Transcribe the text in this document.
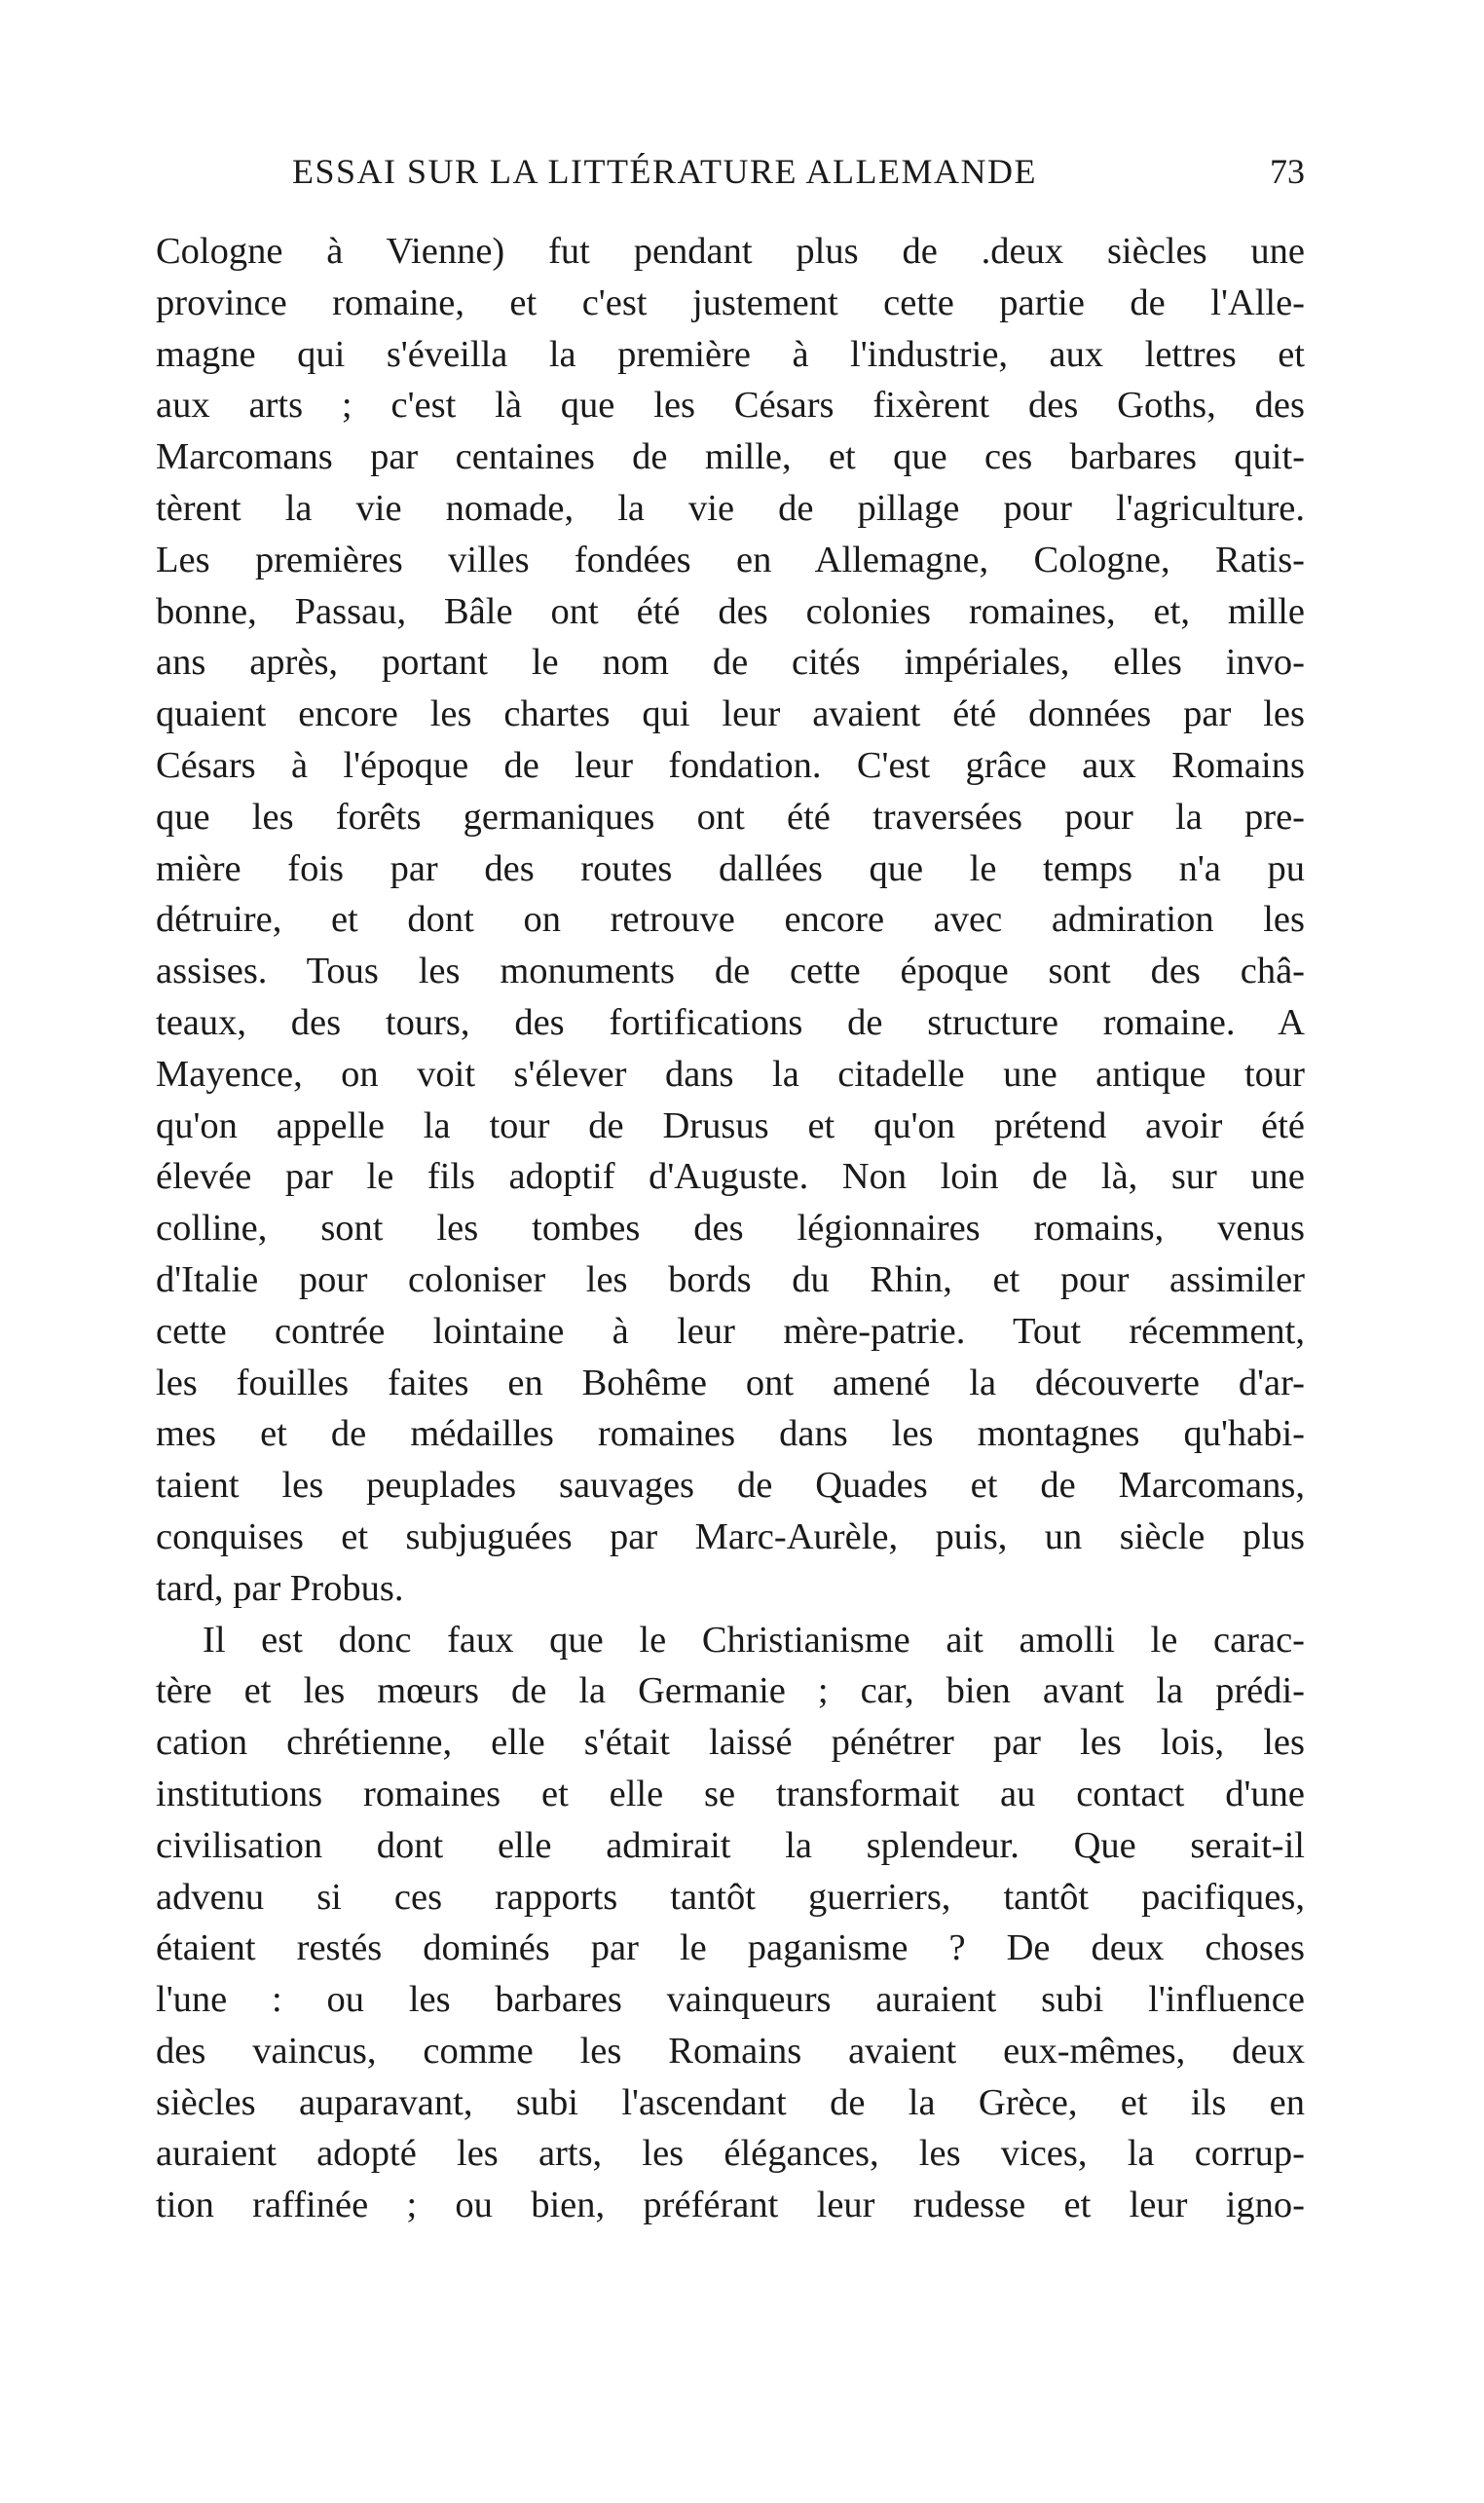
ESSAI SUR LA LITTÉRATURE ALLEMANDE	73
Cologne à Vienne) fut pendant plus de .deux siècles une
province romaine, et c'est justement cette partie de l'Alle-
magne qui s'éveilla la première à l'industrie, aux lettres et
aux arts ; c'est là que les Césars fixèrent des Goths, des
Marcomans par centaines de mille, et que ces barbares quit-
tèrent la vie nomade, la vie de pillage pour l'agriculture.
Les premières villes fondées en Allemagne, Cologne, Ratis-
bonne, Passau, Bâle ont été des colonies romaines, et, mille
ans après, portant le nom de cités impériales, elles invo-
quaient encore les chartes qui leur avaient été données par les
Césars à l'époque de leur fondation. C'est grâce aux Romains
que les forêts germaniques ont été traversées pour la pre-
mière fois par des routes dallées que le temps n'a pu
détruire, et dont on retrouve encore avec admiration les
assises. Tous les monuments de cette époque sont des châ-
teaux, des tours, des fortifications de structure romaine. A
Mayence, on voit s'élever dans la citadelle une antique tour
qu'on appelle la tour de Drusus et qu'on prétend avoir été
élevée par le fils adoptif d'Auguste. Non loin de là, sur une
colline, sont les tombes des légionnaires romains, venus
d'Italie pour coloniser les bords du Rhin, et pour assimiler
cette contrée lointaine à leur mère-patrie. Tout récemment,
les fouilles faites en Bohême ont amené la découverte d'ar-
mes et de médailles romaines dans les montagnes qu'habi-
taient les peuplades sauvages de Quades et de Marcomans,
conquises et subjuguées par Marc-Aurèle, puis, un siècle plus
tard, par Probus.
Il est donc faux que le Christianisme ait amolli le carac-
tère et les mœurs de la Germanie ; car, bien avant la prédi-
cation chrétienne, elle s'était laissé pénétrer par les lois, les
institutions romaines et elle se transformait au contact d'une
civilisation dont elle admirait la splendeur. Que serait-il
advenu si ces rapports tantôt guerriers, tantôt pacifiques,
étaient restés dominés par le paganisme ? De deux choses
l'une : ou les barbares vainqueurs auraient subi l'influence
des vaincus, comme les Romains avaient eux-mêmes, deux
siècles auparavant, subi l'ascendant de la Grèce, et ils en
auraient adopté les arts, les élégances, les vices, la corrup-
tion raffinée ; ou bien, préférant leur rudesse et leur igno-
